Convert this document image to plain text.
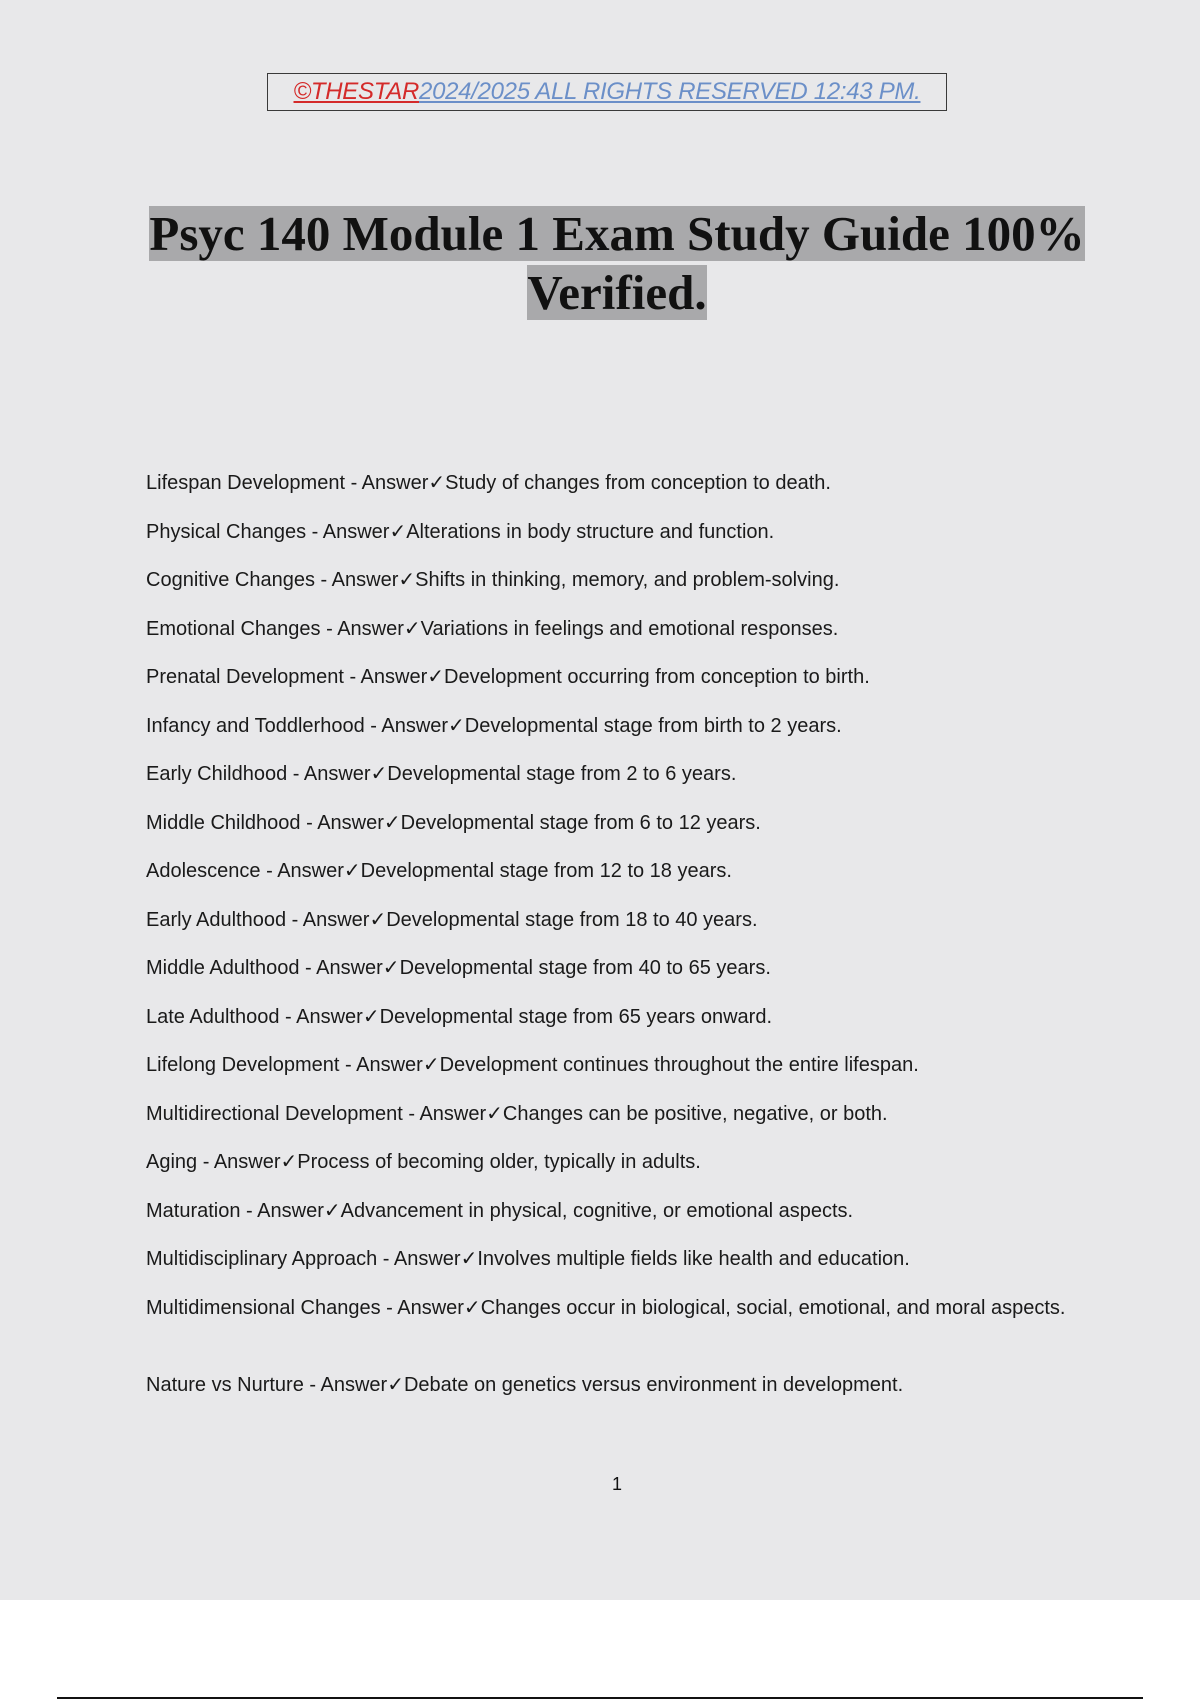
©THESTAR 2024/2025 ALL RIGHTS RESERVED 12:43 PM.
Psyc 140 Module 1 Exam Study Guide 100%
Verified.
Lifespan Development - Answer✓Study of changes from conception to death.
Physical Changes - Answer✓Alterations in body structure and function.
Cognitive Changes - Answer✓Shifts in thinking, memory, and problem-solving.
Emotional Changes - Answer✓Variations in feelings and emotional responses.
Prenatal Development - Answer✓Development occurring from conception to birth.
Infancy and Toddlerhood - Answer✓Developmental stage from birth to 2 years.
Early Childhood - Answer✓Developmental stage from 2 to 6 years.
Middle Childhood - Answer✓Developmental stage from 6 to 12 years.
Adolescence - Answer✓Developmental stage from 12 to 18 years.
Early Adulthood - Answer✓Developmental stage from 18 to 40 years.
Middle Adulthood - Answer✓Developmental stage from 40 to 65 years.
Late Adulthood - Answer✓Developmental stage from 65 years onward.
Lifelong Development - Answer✓Development continues throughout the entire lifespan.
Multidirectional Development - Answer✓Changes can be positive, negative, or both.
Aging - Answer✓Process of becoming older, typically in adults.
Maturation - Answer✓Advancement in physical, cognitive, or emotional aspects.
Multidisciplinary Approach - Answer✓Involves multiple fields like health and education.
Multidimensional Changes - Answer✓Changes occur in biological, social, emotional, and moral aspects.
Nature vs Nurture - Answer✓Debate on genetics versus environment in development.
1
